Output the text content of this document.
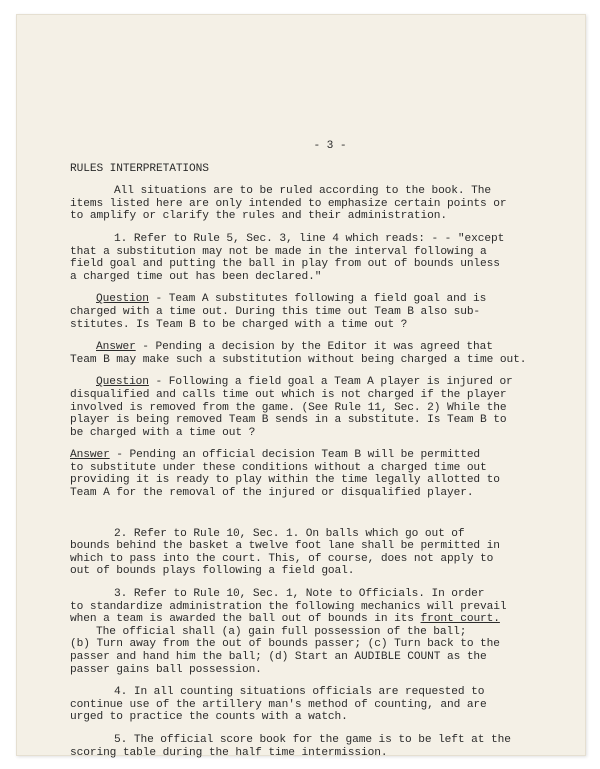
- 3 -
RULES INTERPRETATIONS
All situations are to be ruled according to the book. The
items listed here are only intended to emphasize certain points or
to amplify or clarify the rules and their administration.
1. Refer to Rule 5, Sec. 3, line 4 which reads: - - "except
that a substitution may not be made in the interval following a
field goal and putting the ball in play from out of bounds unless
a charged time out has been declared."
Question - Team A substitutes following a field goal and is
charged with a time out. During this time out Team B also sub-
stitutes. Is Team B to be charged with a time out ?
Answer - Pending a decision by the Editor it was agreed that
Team B may make such a substitution without being charged a time out.
Question - Following a field goal a Team A player is injured or
disqualified and calls time out which is not charged if the player
involved is removed from the game. (See Rule 11, Sec. 2) While the
player is being removed Team B sends in a substitute. Is Team B to
be charged with a time out ?
Answer - Pending an official decision Team B will be permitted
to substitute under these conditions without a charged time out
providing it is ready to play within the time legally allotted to
Team A for the removal of the injured or disqualified player.
2. Refer to Rule 10, Sec. 1. On balls which go out of
bounds behind the basket a twelve foot lane shall be permitted in
which to pass into the court. This, of course, does not apply to
out of bounds plays following a field goal.
3. Refer to Rule 10, Sec. 1, Note to Officials. In order
to standardize administration the following mechanics will prevail
when a team is awarded the ball out of bounds in its front court.
The official shall (a) gain full possession of the ball;
(b) Turn away from the out of bounds passer; (c) Turn back to the
passer and hand him the ball; (d) Start an AUDIBLE COUNT as the
passer gains ball possession.
4. In all counting situations officials are requested to
continue use of the artillery man's method of counting, and are
urged to practice the counts with a watch.
5. The official score book for the game is to be left at the
scoring table during the half time intermission.
